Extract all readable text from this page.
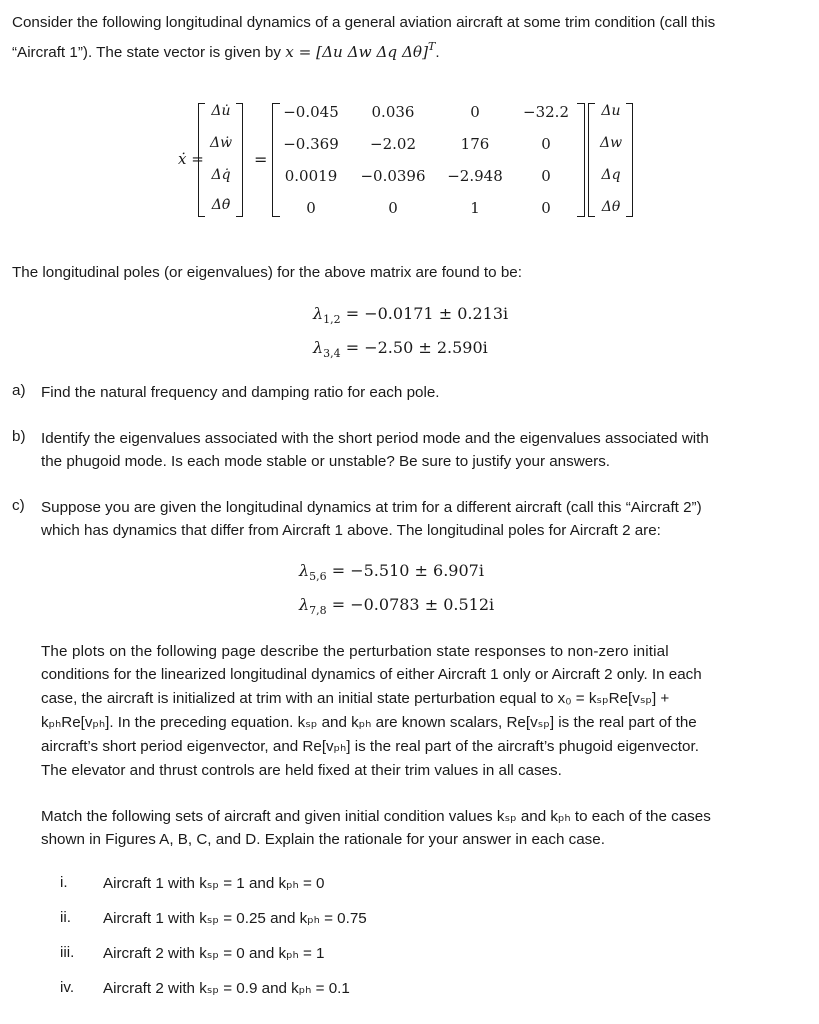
Consider the following longitudinal dynamics of a general aviation aircraft at some trim condition (call this
“Aircraft 1”). The state vector is given by x = [Δu Δw Δq Δθ]$^T$.
ẋ =
Δu̇
Δẇ
Δq̇
Δθ̇
=
−0.045	0.036	0	−32.2
−0.369	−2.02	176	0
0.0019	−0.0396	−2.948	0
0	0	1	0
Δu
Δw
Δq
Δθ
The longitudinal poles (or eigenvalues) for the above matrix are found to be:
$\lambda_{1,2} = -0.0171 \pm 0.213i$
$\lambda_{3,4} = -2.50 \pm 2.590i$
a)	Find the natural frequency and damping ratio for each pole.
b)	Identify the eigenvalues associated with the short period mode and the eigenvalues associated with
the phugoid mode. Is each mode stable or unstable? Be sure to justify your answers.
c)	Suppose you are given the longitudinal dynamics at trim for a different aircraft (call this “Aircraft 2”)
which has dynamics that differ from Aircraft 1 above. The longitudinal poles for Aircraft 2 are:
$\lambda_{5,6} = -5.510 \pm 6.907i$
$\lambda_{7,8} = -0.0783 \pm 0.512i$
The plots on the following page describe the perturbation state responses to non-zero initial
conditions for the linearized longitudinal dynamics of either Aircraft 1 only or Aircraft 2 only. In each
case, the aircraft is initialized at trim with an initial state perturbation equal to x₀ = kₛₚRe[vₛₚ] +
kₚₕRe[vₚₕ]. In the preceding equation. kₛₚ and kₚₕ are known scalars, Re[vₛₚ] is the real part of the
aircraft’s short period eigenvector, and Re[vₚₕ] is the real part of the aircraft’s phugoid eigenvector.
The elevator and thrust controls are held fixed at their trim values in all cases.
Match the following sets of aircraft and given initial condition values kₛₚ and kₚₕ to each of the cases
shown in Figures A, B, C, and D. Explain the rationale for your answer in each case.
i. Aircraft 1 with kₛₚ = 1 and kₚₕ = 0
ii. Aircraft 1 with kₛₚ = 0.25 and kₚₕ = 0.75
iii. Aircraft 2 with kₛₚ = 0 and kₚₕ = 1
iv. Aircraft 2 with kₛₚ = 0.9 and kₚₕ = 0.1
